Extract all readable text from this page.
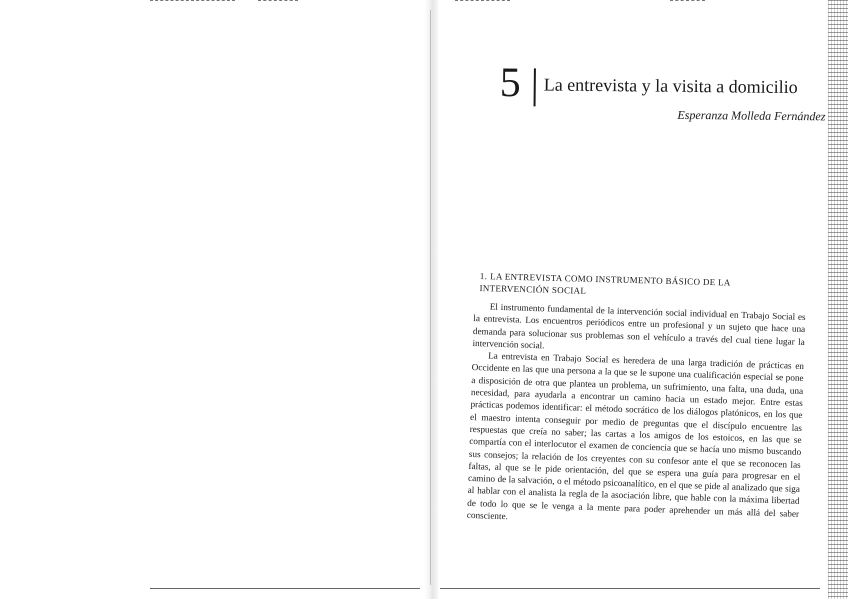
5 La entrevista y la visita a domicilio
Esperanza Molleda Fernández
1. LA ENTREVISTA COMO INSTRUMENTO BÁSICO DE LA INTERVENCIÓN SOCIAL

El instrumento fundamental de la intervención social individual en Trabajo Social es la entrevista. Los encuentros periódicos entre un profesional y un sujeto que hace una demanda para solucionar sus problemas son el vehículo a través del cual tiene lugar la intervención social.

La entrevista en Trabajo Social es heredera de una larga tradición de prácticas en Occidente en las que una persona a la que se le supone una cualificación especial se pone a disposición de otra que plantea un problema, un sufrimiento, una falta, una duda, una necesidad, para ayudarla a encontrar un camino hacia un estado mejor. Entre estas prácticas podemos identificar: el método socrático de los diálogos platónicos, en los que el maestro intenta conseguir por medio de preguntas que el discípulo encuentre las respuestas que creía no saber; las cartas a los amigos de los estoicos, en las que se compartía con el interlocutor el examen de conciencia que se hacía uno mismo buscando sus consejos; la relación de los creyentes con su confesor ante el que se reconocen las faltas, al que se le pide orientación, del que se espera una guía para progresar en el camino de la salvación, o el método psicoanalítico, en el que se pide al analizado que siga al hablar con el analista la regla de la asociación libre, que hable con la máxima libertad de todo lo que se le venga a la mente para poder aprehender un más allá del saber consciente.
